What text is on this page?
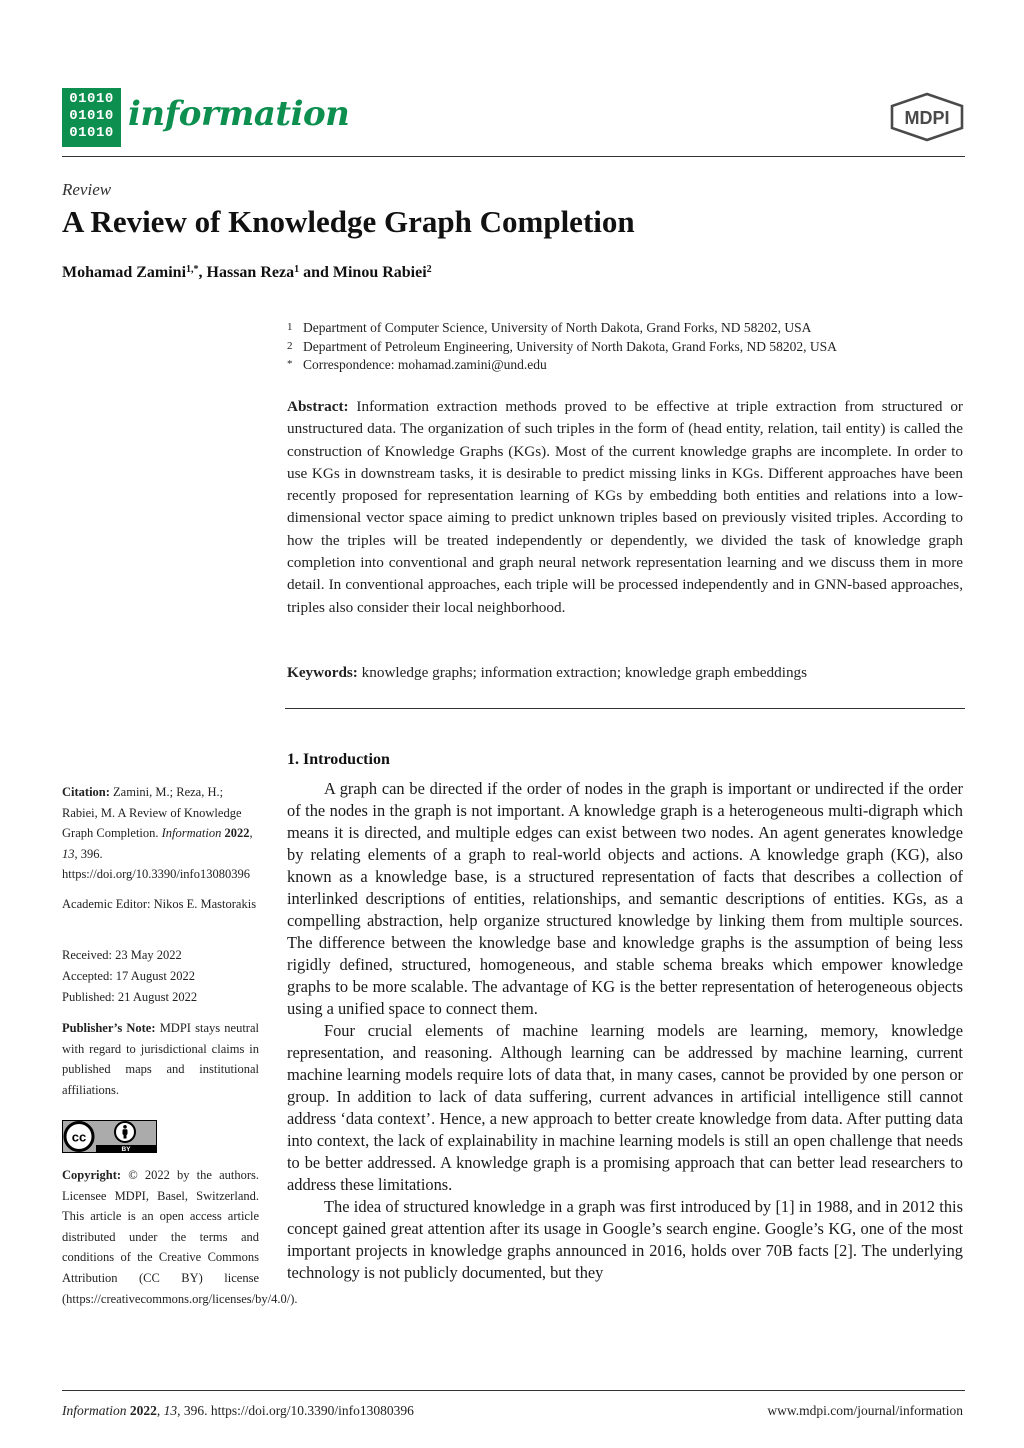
01010
01010
01010 information	MDPI
Review
A Review of Knowledge Graph Completion
Mohamad Zamini$^{1,*}$, Hassan Reza$^1$ and Minou Rabiei$^2$
1 Department of Computer Science, University of North Dakota, Grand Forks, ND 58202, USA
2 Department of Petroleum Engineering, University of North Dakota, Grand Forks, ND 58202, USA
* Correspondence: mohamad.zamini@und.edu

Abstract: Information extraction methods proved to be effective at triple extraction from structured or unstructured data. The organization of such triples in the form of (head entity, relation, tail entity) is called the construction of Knowledge Graphs (KGs). Most of the current knowledge graphs are incomplete. In order to use KGs in downstream tasks, it is desirable to predict missing links in KGs. Different approaches have been recently proposed for representation learning of KGs by embedding both entities and relations into a low-dimensional vector space aiming to predict unknown triples based on previously visited triples. According to how the triples will be treated independently or dependently, we divided the task of knowledge graph completion into conventional and graph neural network representation learning and we discuss them in more detail. In conventional approaches, each triple will be processed independently and in GNN-based approaches, triples also consider their local neighborhood.

Keywords: knowledge graphs; information extraction; knowledge graph embeddings

Citation: Zamini, M.; Reza, H.; Rabiei, M. A Review of Knowledge Graph Completion. Information 2022, 13, 396. https://doi.org/10.3390/info13080396

Academic Editor: Nikos E. Mastorakis

Received: 23 May 2022

Accepted: 17 August 2022

Published: 21 August 2022

Publisher’s Note: MDPI stays neutral with regard to jurisdictional claims in published maps and institutional affiliations.

cc
BY

Copyright: © 2022 by the authors. Licensee MDPI, Basel, Switzerland. This article is an open access article distributed under the terms and conditions of the Creative Commons Attribution (CC BY) license (https://creativecommons.org/licenses/by/4.0/).

1. Introduction

A graph can be directed if the order of nodes in the graph is important or undirected if the order of the nodes in the graph is not important. A knowledge graph is a heterogeneous multi-digraph which means it is directed, and multiple edges can exist between two nodes. An agent generates knowledge by relating elements of a graph to real-world objects and actions. A knowledge graph (KG), also known as a knowledge base, is a structured representation of facts that describes a collection of interlinked descriptions of entities, relationships, and semantic descriptions of entities. KGs, as a compelling abstraction, help organize structured knowledge by linking them from multiple sources. The difference between the knowledge base and knowledge graphs is the assumption of being less rigidly defined, structured, homogeneous, and stable schema breaks which empower knowledge graphs to be more scalable. The advantage of KG is the better representation of heterogeneous objects using a unified space to connect them.

Four crucial elements of machine learning models are learning, memory, knowledge representation, and reasoning. Although learning can be addressed by machine learning, current machine learning models require lots of data that, in many cases, cannot be provided by one person or group. In addition to lack of data suffering, current advances in artificial intelligence still cannot address ‘data context’. Hence, a new approach to better create knowledge from data. After putting data into context, the lack of explainability in machine learning models is still an open challenge that needs to be better addressed. A knowledge graph is a promising approach that can better lead researchers to address these limitations.

The idea of structured knowledge in a graph was first introduced by [1] in 1988, and in 2012 this concept gained great attention after its usage in Google’s search engine. Google’s KG, one of the most important projects in knowledge graphs announced in 2016, holds over 70B facts [2]. The underlying technology is not publicly documented, but they

Information 2022, 13, 396. https://doi.org/10.3390/info13080396	www.mdpi.com/journal/information
